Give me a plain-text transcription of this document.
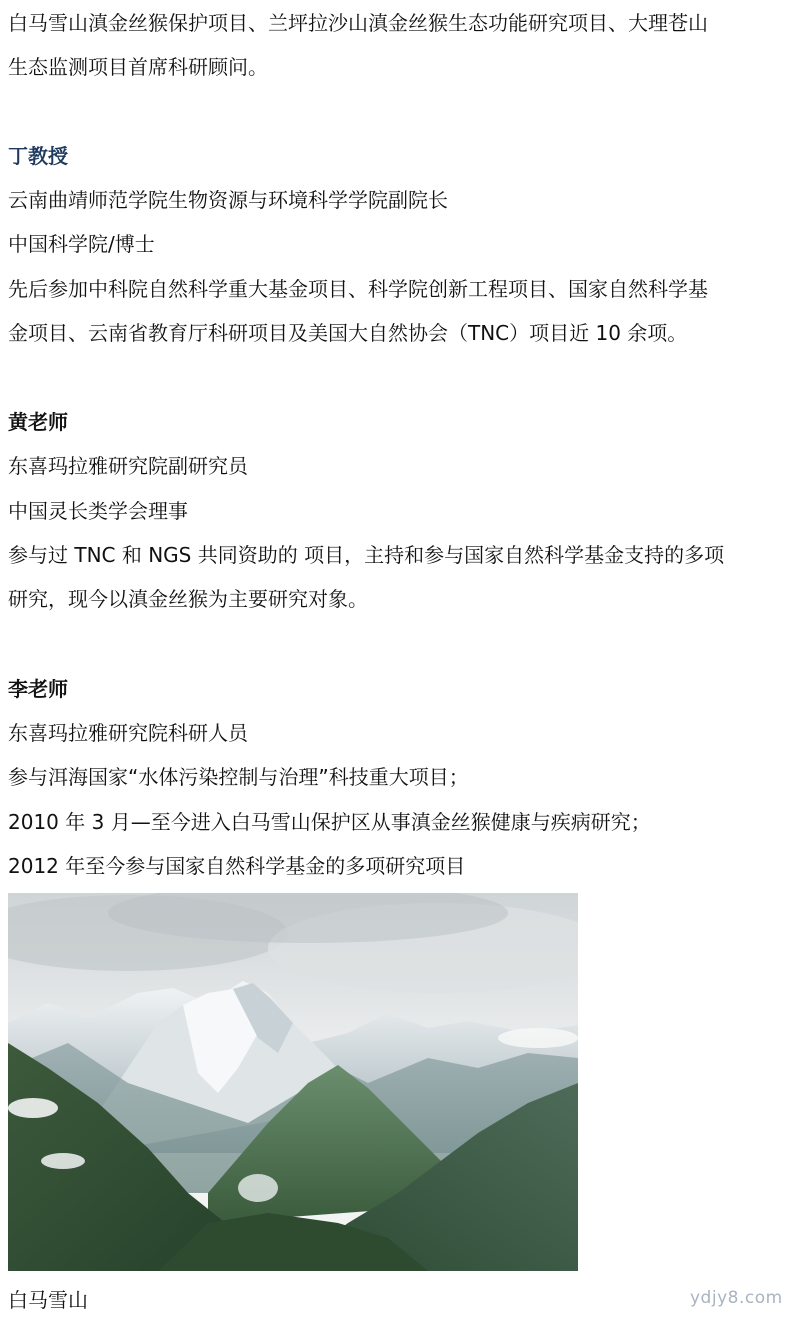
白马雪山滇金丝猴保护项目、兰坪拉沙山滇金丝猴生态功能研究项目、大理苍山
生态监测项目首席科研顾问。
丁教授
云南曲靖师范学院生物资源与环境科学学院副院长
中国科学院/博士
先后参加中科院自然科学重大基金项目、科学院创新工程项目、国家自然科学基
金项目、云南省教育厅科研项目及美国大自然协会（TNC）项目近 10 余项。
黄老师
东喜玛拉雅研究院副研究员
中国灵长类学会理事
参与过 TNC 和 NGS 共同资助的 项目，主持和参与国家自然科学基金支持的多项
研究，现今以滇金丝猴为主要研究对象。
李老师
东喜玛拉雅研究院科研人员
参与洱海国家“水体污染控制与治理”科技重大项目；
2010 年 3 月—至今进入白马雪山保护区从事滇金丝猴健康与疾病研究；
2012 年至今参与国家自然科学基金的多项研究项目
白马雪山	ydjy8.com
